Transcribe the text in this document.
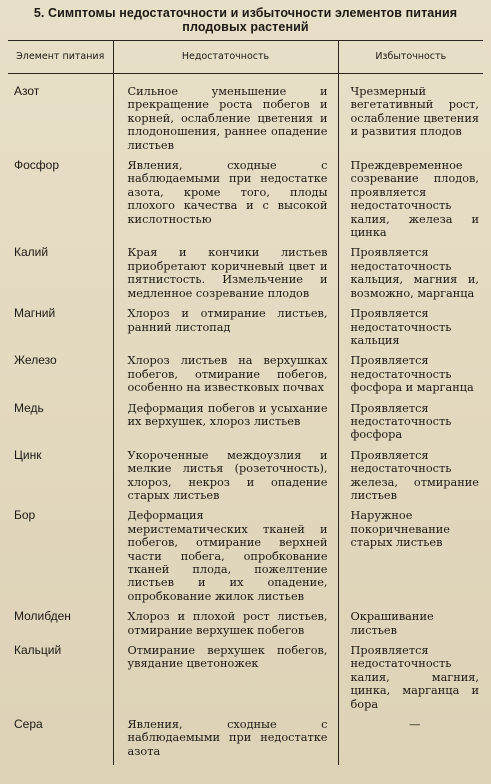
5. Симптомы недостаточности и избыточности элементов питания
плодовых растений
Элемент питания	Недостаточность	Избыточность
Азот	Сильное уменьшение и прекращение роста побегов и корней, ослабление цветения и плодоношения, раннее опадение листьев	Чрезмерный вегетативный рост, ослабление цветения и развития плодов
Фосфор	Явления, сходные с наблюдаемыми при недостатке азота, кроме того, плоды плохого качества и с высокой кислотностью	Преждевременное созревание плодов, проявляется недостаточность калия, железа и цинка
Калий	Края и кончики листьев приобретают коричневый цвет и пятнистость. Измельчение и медленное созревание плодов	Проявляется недостаточность кальция, магния и, возможно, марганца
Магний	Хлороз и отмирание листьев, ранний листопад	Проявляется недостаточность кальция
Железо	Хлороз листьев на верхушках побегов, отмирание побегов, особенно на известковых почвах	Проявляется недостаточность фосфора и марганца
Медь	Деформация побегов и усыхание их верхушек, хлороз листьев	Проявляется недостаточность фосфора
Цинк	Укороченные междоузлия и мелкие листья (розеточность), хлороз, некроз и опадение старых листьев	Проявляется недостаточность железа, отмирание листьев
Бор	Деформация меристематических тканей и побегов, отмирание верхней части побега, опробкование тканей плода, пожелтение листьев и их опадение, опробкование жилок листьев	Наружное покоричневание старых листьев
Молибден	Хлороз и плохой рост листьев, отмирание верхушек побегов	Окрашивание листьев
Кальций	Отмирание верхушек побегов, увядание цветоножек	Проявляется недостаточность калия, магния, цинка, марганца и бора
Сера	Явления, сходные с наблюдаемыми при недостатке азота	—
